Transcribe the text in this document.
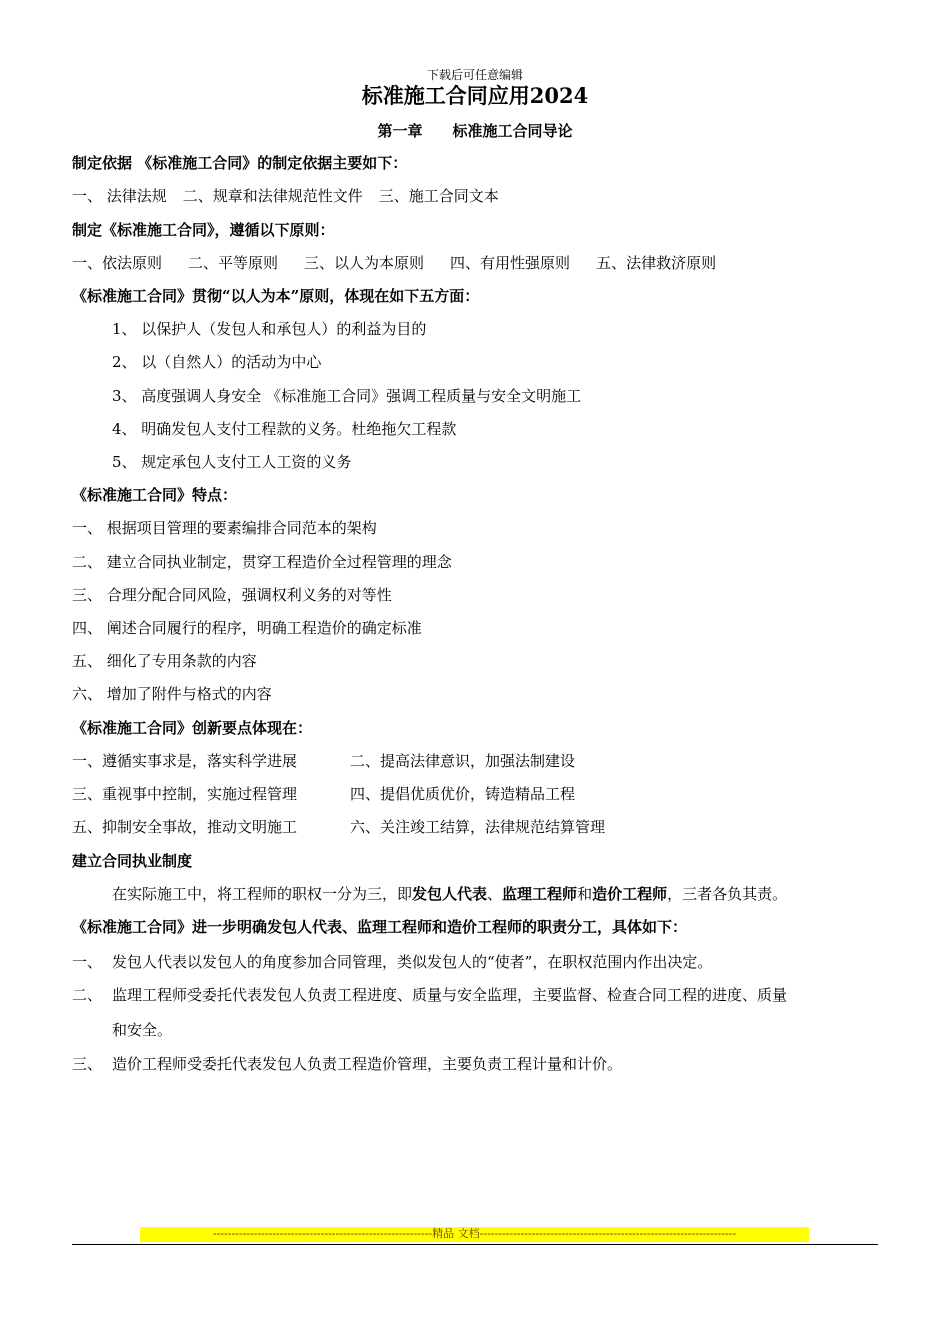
下载后可任意编辑
标准施工合同应用2024
第一章 标准施工合同导论
制定依据 《标准施工合同》的制定依据主要如下：
一、 法律法规 二、规章和法律规范性文件 三、施工合同文本
制定《标准施工合同》，遵循以下原则：
一、依法原则 二、平等原则 三、以人为本原则 四、有用性强原则 五、法律救济原则
《标准施工合同》贯彻“以人为本”原则，体现在如下五方面：
1、 以保护人（发包人和承包人）的利益为目的
2、 以（自然人）的活动为中心
3、 高度强调人身安全 《标准施工合同》强调工程质量与安全文明施工
4、 明确发包人支付工程款的义务。杜绝拖欠工程款
5、 规定承包人支付工人工资的义务
《标准施工合同》特点：
一、 根据项目管理的要素编排合同范本的架构
二、 建立合同执业制定，贯穿工程造价全过程管理的理念
三、 合理分配合同风险，强调权利义务的对等性
四、 阐述合同履行的程序，明确工程造价的确定标准
五、 细化了专用条款的内容
六、 增加了附件与格式的内容
《标准施工合同》创新要点体现在：
一、遵循实事求是，落实科学进展	二、提高法律意识，加强法制建设
三、重视事中控制，实施过程管理	四、提倡优质优价，铸造精品工程
五、抑制安全事故，推动文明施工	六、关注竣工结算，法律规范结算管理
建立合同执业制度
在实际施工中，将工程师的职权一分为三，即发包人代表、监理工程师和造价工程师，三者各负其责。
《标准施工合同》进一步明确发包人代表、监理工程师和造价工程师的职责分工，具体如下：
一、 发包人代表以发包人的角度参加合同管理，类似发包人的“使者”，在职权范围内作出决定。
二、 监理工程师受委托代表发包人负责工程进度、质量与安全监理，主要监督、检查合同工程的进度、质量
和安全。
三、 造价工程师受委托代表发包人负责工程造价管理，主要负责工程计量和计价。
-----------------------------------------------------------精品 文档---------------------------------------------------------------------
